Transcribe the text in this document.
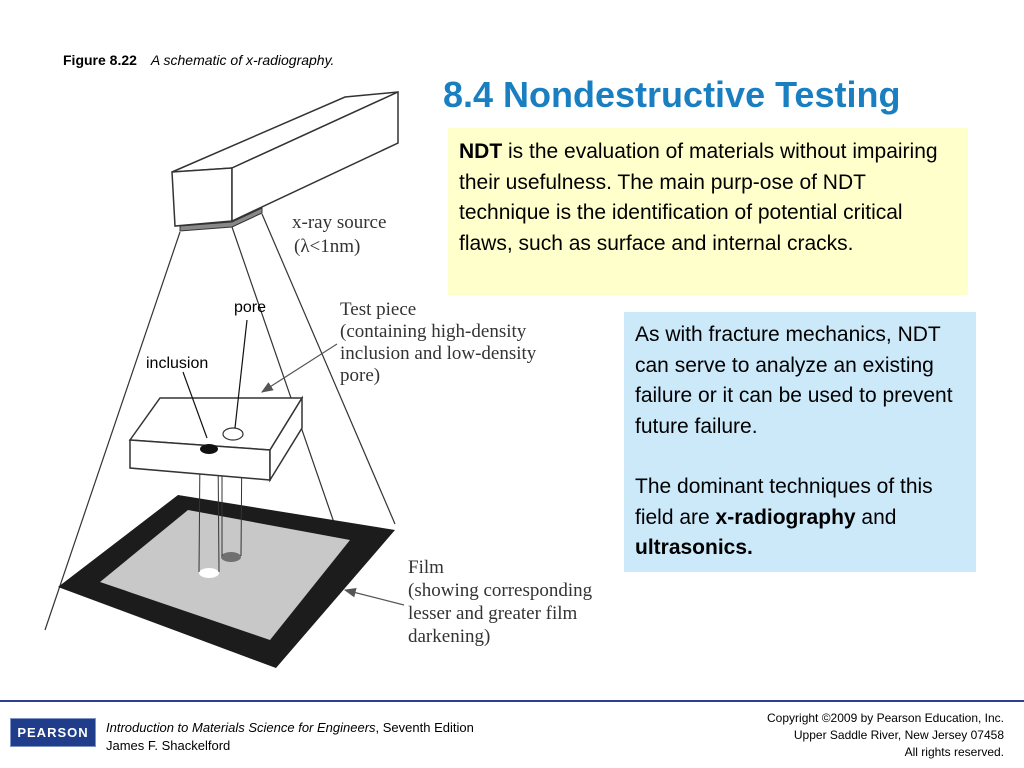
Figure 8.22 A schematic of x-radiography.
8.4 Nondestructive Testing
x-ray source
(λ<1nm)
pore
inclusion
Test piece
(containing high-density
inclusion and low-density
pore)
Film
(showing corresponding
lesser and greater film
darkening)
NDT is the evaluation of materials without impairing their usefulness. The main purp-ose of NDT technique is the identification of potential critical flaws, such as surface and internal cracks.

As with fracture mechanics, NDT can serve to analyze an existing failure or it can be used to prevent future failure.

The dominant techniques of this field are x-radiography and ultrasonics.

PEARSON	Introduction to Materials Science for Engineers, Seventh Edition
James F. Shackelford
Copyright ©2009 by Pearson Education, Inc.
Upper Saddle River, New Jersey 07458
All rights reserved.
